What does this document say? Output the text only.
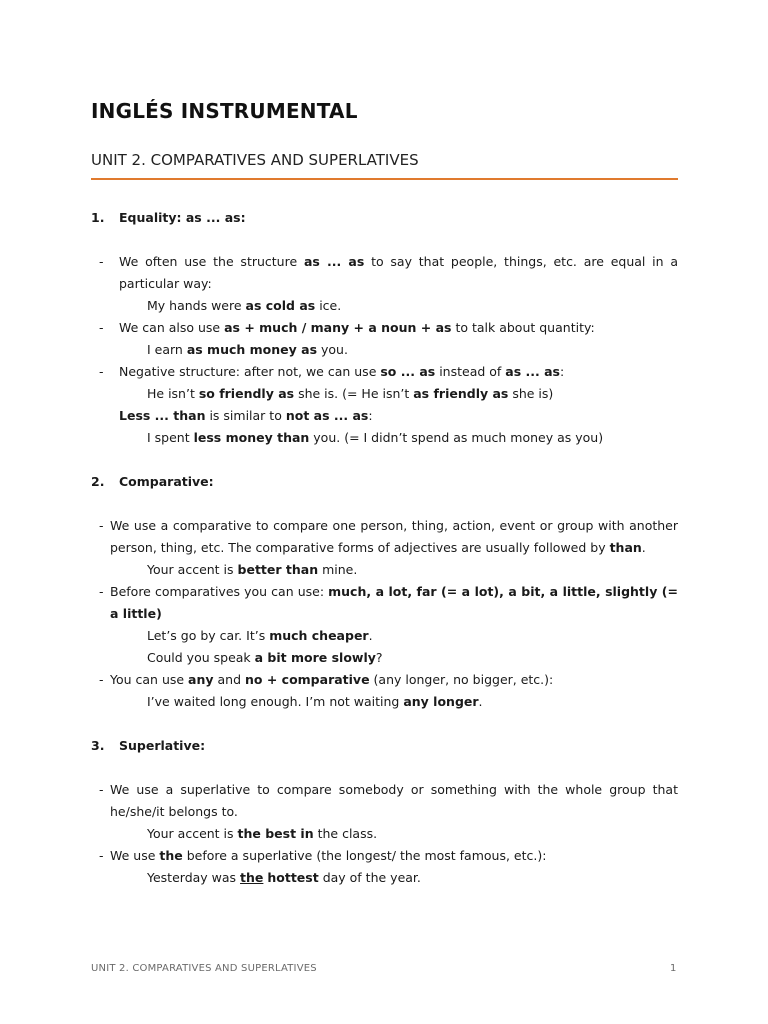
INGLÉS INSTRUMENTAL
UNIT 2. COMPARATIVES AND SUPERLATIVES

1. Equality: as ... as:

- We often use the structure as ... as to say that people, things, etc. are equal in a particular way:

My hands were as cold as ice.

- We can also use as + much / many + a noun + as to talk about quantity:

I earn as much money as you.

- Negative structure: after not, we can use so ... as instead of as ... as:

He isn’t so friendly as she is. (= He isn’t as friendly as she is)

Less ... than is similar to not as ... as:

I spent less money than you. (= I didn’t spend as much money as you)

2. Comparative:

- We use a comparative to compare one person, thing, action, event or group with another person, thing, etc. The comparative forms of adjectives are usually followed by than.

Your accent is better than mine.

- Before comparatives you can use: much, a lot, far (= a lot), a bit, a little, slightly (= a little)

Let’s go by car. It’s much cheaper.

Could you speak a bit more slowly?

- You can use any and no + comparative (any longer, no bigger, etc.):

I’ve waited long enough. I’m not waiting any longer.

3. Superlative:

- We use a superlative to compare somebody or something with the whole group that he/she/it belongs to.

Your accent is the best in the class.

- We use the before a superlative (the longest/ the most famous, etc.):

Yesterday was the hottest day of the year.

UNIT 2. COMPARATIVES AND SUPERLATIVES	1
